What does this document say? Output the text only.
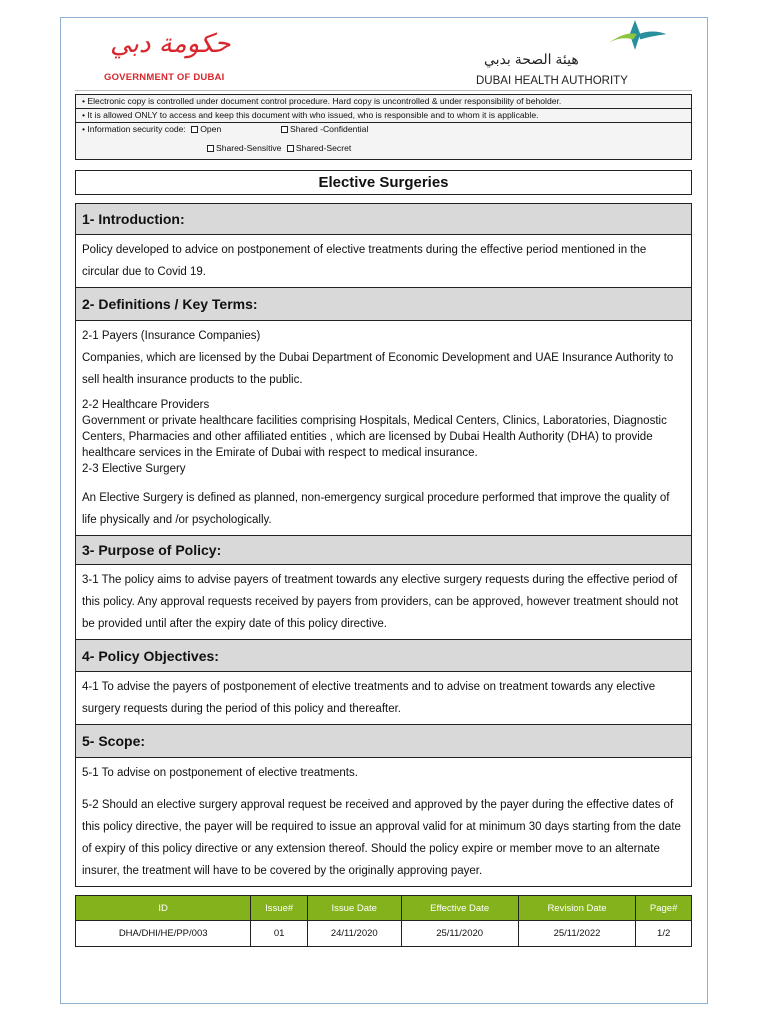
حكومة دبي
GOVERNMENT OF DUBAI
هيئة الصحة بدبي
DUBAI HEALTH AUTHORITY
• Electronic copy is controlled under document control procedure. Hard copy is uncontrolled & under responsibility of beholder.
• It is allowed ONLY to access and keep this document with who issued, who is responsible and to whom it is applicable.
• Information security code: Open	Shared -Confidential
Shared-Sensitive Shared-Secret
Elective Surgeries
1- Introduction:

Policy developed to advice on postponement of elective treatments during the effective period mentioned in the circular due to Covid 19.

2- Definitions / Key Terms:

2-1 Payers (Insurance Companies)

Companies, which are licensed by the Dubai Department of Economic Development and UAE Insurance Authority to sell health insurance products to the public.

2-2 Healthcare Providers

Government or private healthcare facilities comprising Hospitals, Medical Centers, Clinics, Laboratories, Diagnostic Centers, Pharmacies and other affiliated entities , which are licensed by Dubai Health Authority (DHA) to provide healthcare services in the Emirate of Dubai with respect to medical insurance.

2-3 Elective Surgery

An Elective Surgery is defined as planned, non-emergency surgical procedure performed that improve the quality of life physically and /or psychologically.

3- Purpose of Policy:

3-1 The policy aims to advise payers of treatment towards any elective surgery requests during the effective period of this policy. Any approval requests received by payers from providers, can be approved, however treatment should not be provided until after the expiry date of this policy directive.

4- Policy Objectives:

4-1 To advise the payers of postponement of elective treatments and to advise on treatment towards any elective surgery requests during the period of this policy and thereafter.

5- Scope:

5-1 To advise on postponement of elective treatments.

5-2 Should an elective surgery approval request be received and approved by the payer during the effective dates of this policy directive, the payer will be required to issue an approval valid for at minimum 30 days starting from the date of expiry of this policy directive or any extension thereof. Should the policy expire or member move to an alternate insurer, the treatment will have to be covered by the originally approving payer.

ID	Issue#	Issue Date	Effective Date	Revision Date	Page#
DHA/DHI/HE/PP/003	01	24/11/2020	25/11/2020	25/11/2022	1/2
